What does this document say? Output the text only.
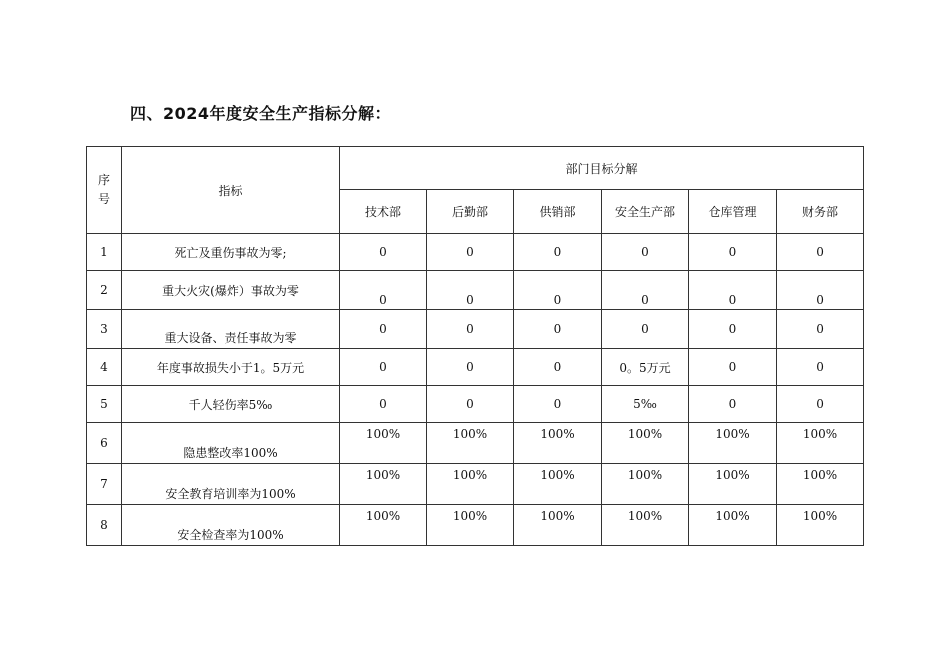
四、2024年度安全生产指标分解：
序
号	指标	部门目标分解					
		技术部	后勤部	供销部	安全生产部	仓库管理	财务部
1	死亡及重伤事故为零;	0	0	0	0	0	0
2	重大火灾(爆炸）事故为零	0	0	0	0	0	0
3	重大设备、责任事故为零	0	0	0	0	0	0
4	年度事故损失小于1。5万元	0	0	0	0。5万元	0	0
5	千人轻伤率5‰	0	0	0	5‰	0	0
6	隐患整改率100%	100%	100%	100%	100%	100%	100%
7	安全教育培训率为100%	100%	100%	100%	100%	100%	100%
8	安全检查率为100%	100%	100%	100%	100%	100%	100%
